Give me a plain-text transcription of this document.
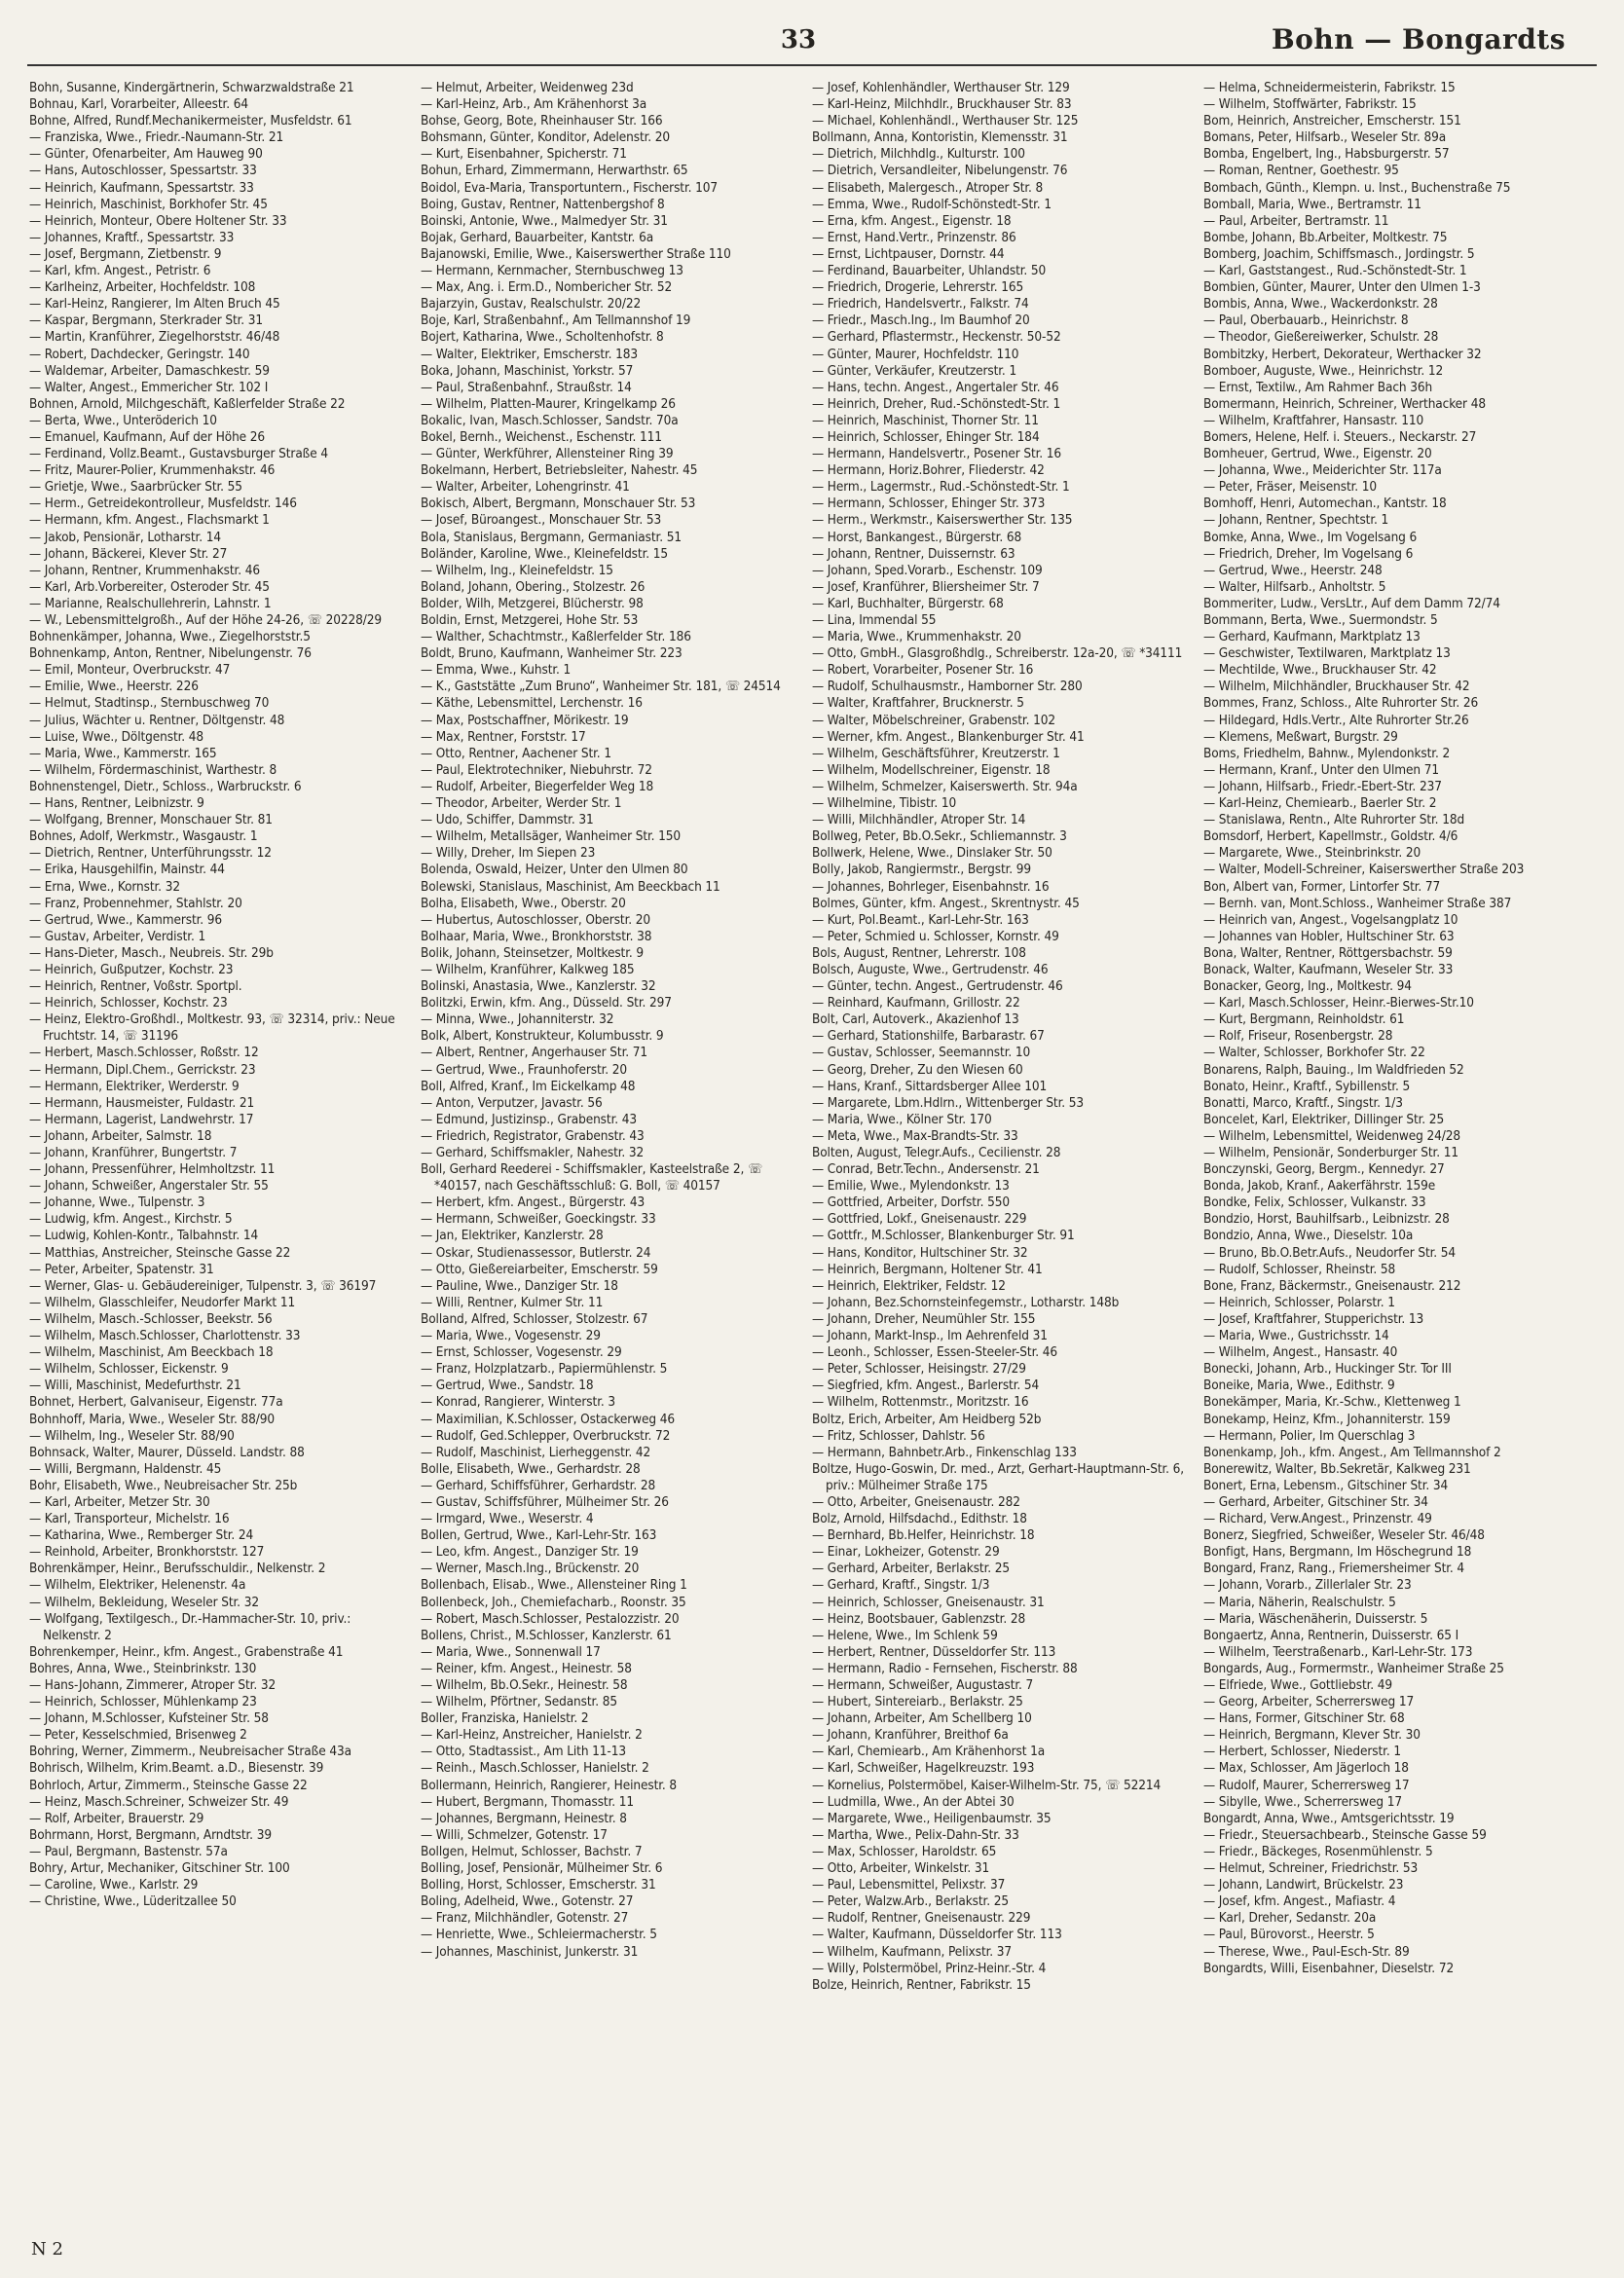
33	Bohn — Bongardts
Bohn, Susanne, Kindergärtnerin, Schwarzwaldstraße 21
Bohnau, Karl, Vorarbeiter, Alleestr. 64
Bohne, Alfred, Rundf.Mechanikermeister, Musfeldstr. 61
— Franziska, Wwe., Friedr.-Naumann-Str. 21
— Günter, Ofenarbeiter, Am Hauweg 90
— Hans, Autoschlosser, Spessartstr. 33
— Heinrich, Kaufmann, Spessartstr. 33
— Heinrich, Maschinist, Borkhofer Str. 45
— Heinrich, Monteur, Obere Holtener Str. 33
— Johannes, Kraftf., Spessartstr. 33
— Josef, Bergmann, Zietbenstr. 9
— Karl, kfm. Angest., Petristr. 6
— Karlheinz, Arbeiter, Hochfeldstr. 108
— Karl-Heinz, Rangierer, Im Alten Bruch 45
— Kaspar, Bergmann, Sterkrader Str. 31
— Martin, Kranführer, Ziegelhorststr. 46/48
— Robert, Dachdecker, Geringstr. 140
— Waldemar, Arbeiter, Damaschkestr. 59
— Walter, Angest., Emmericher Str. 102 I
Bohnen, Arnold, Milchgeschäft, Kaßlerfelder Straße 22
— Berta, Wwe., Unteröderich 10
— Emanuel, Kaufmann, Auf der Höhe 26
— Ferdinand, Vollz.Beamt., Gustavsburger Straße 4
— Fritz, Maurer-Polier, Krummenhakstr. 46
— Grietje, Wwe., Saarbrücker Str. 55
— Herm., Getreidekontrolleur, Musfeldstr. 146
— Hermann, kfm. Angest., Flachsmarkt 1
— Jakob, Pensionär, Lotharstr. 14
— Johann, Bäckerei, Klever Str. 27
— Johann, Rentner, Krummenhakstr. 46
— Karl, Arb.Vorbereiter, Osteroder Str. 45
— Marianne, Realschullehrerin, Lahnstr. 1
— W., Lebensmittelgroßh., Auf der Höhe 24-26, ☏ 20228/29
Bohnenkämper, Johanna, Wwe., Ziegelhorststr.5
Bohnenkamp, Anton, Rentner, Nibelungenstr. 76
— Emil, Monteur, Overbruckstr. 47
— Emilie, Wwe., Heerstr. 226
— Helmut, Stadtinsp., Sternbuschweg 70
— Julius, Wächter u. Rentner, Döltgenstr. 48
— Luise, Wwe., Döltgenstr. 48
— Maria, Wwe., Kammerstr. 165
— Wilhelm, Fördermaschinist, Warthestr. 8
Bohnenstengel, Dietr., Schloss., Warbruckstr. 6
— Hans, Rentner, Leibnizstr. 9
— Wolfgang, Brenner, Monschauer Str. 81
Bohnes, Adolf, Werkmstr., Wasgaustr. 1
— Dietrich, Rentner, Unterführungsstr. 12
— Erika, Hausgehilfin, Mainstr. 44
— Erna, Wwe., Kornstr. 32
— Franz, Probennehmer, Stahlstr. 20
— Gertrud, Wwe., Kammerstr. 96
— Gustav, Arbeiter, Verdistr. 1
— Hans-Dieter, Masch., Neubreis. Str. 29b
— Heinrich, Gußputzer, Kochstr. 23
— Heinrich, Rentner, Voßstr. Sportpl.
— Heinrich, Schlosser, Kochstr. 23
— Heinz, Elektro-Großhdl., Moltkestr. 93, ☏ 32314, priv.: Neue Fruchtstr. 14, ☏ 31196
— Herbert, Masch.Schlosser, Roßstr. 12
— Hermann, Dipl.Chem., Gerrickstr. 23
— Hermann, Elektriker, Werderstr. 9
— Hermann, Hausmeister, Fuldastr. 21
— Hermann, Lagerist, Landwehrstr. 17
— Johann, Arbeiter, Salmstr. 18
— Johann, Kranführer, Bungertstr. 7
— Johann, Pressenführer, Helmholtzstr. 11
— Johann, Schweißer, Angerstaler Str. 55
— Johanne, Wwe., Tulpenstr. 3
— Ludwig, kfm. Angest., Kirchstr. 5
— Ludwig, Kohlen-Kontr., Talbahnstr. 14
— Matthias, Anstreicher, Steinsche Gasse 22
— Peter, Arbeiter, Spatenstr. 31
— Werner, Glas- u. Gebäudereiniger, Tulpenstr. 3, ☏ 36197
— Wilhelm, Glasschleifer, Neudorfer Markt 11
— Wilhelm, Masch.-Schlosser, Beekstr. 56
— Wilhelm, Masch.Schlosser, Charlottenstr. 33
— Wilhelm, Maschinist, Am Beeckbach 18
— Wilhelm, Schlosser, Eickenstr. 9
— Willi, Maschinist, Medefurthstr. 21
Bohnet, Herbert, Galvaniseur, Eigenstr. 77a
Bohnhoff, Maria, Wwe., Weseler Str. 88/90
— Wilhelm, Ing., Weseler Str. 88/90
Bohnsack, Walter, Maurer, Düsseld. Landstr. 88
— Willi, Bergmann, Haldenstr. 45
Bohr, Elisabeth, Wwe., Neubreisacher Str. 25b
— Karl, Arbeiter, Metzer Str. 30
— Karl, Transporteur, Michelstr. 16
— Katharina, Wwe., Remberger Str. 24
— Reinhold, Arbeiter, Bronkhorststr. 127
Bohrenkämper, Heinr., Berufsschuldir., Nelkenstr. 2
— Wilhelm, Elektriker, Helenenstr. 4a
— Wilhelm, Bekleidung, Weseler Str. 32
— Wolfgang, Textilgesch., Dr.-Hammacher-Str. 10, priv.: Nelkenstr. 2
Bohrenkemper, Heinr., kfm. Angest., Grabenstraße 41
Bohres, Anna, Wwe., Steinbrinkstr. 130
— Hans-Johann, Zimmerer, Atroper Str. 32
— Heinrich, Schlosser, Mühlenkamp 23
— Johann, M.Schlosser, Kufsteiner Str. 58
— Peter, Kesselschmied, Brisenweg 2
Bohring, Werner, Zimmerm., Neubreisacher Straße 43a
Bohrisch, Wilhelm, Krim.Beamt. a.D., Biesenstr. 39
Bohrloch, Artur, Zimmerm., Steinsche Gasse 22
— Heinz, Masch.Schreiner, Schweizer Str. 49
— Rolf, Arbeiter, Brauerstr. 29
Bohrmann, Horst, Bergmann, Arndtstr. 39
— Paul, Bergmann, Bastenstr. 57a
Bohry, Artur, Mechaniker, Gitschiner Str. 100
— Caroline, Wwe., Karlstr. 29
— Christine, Wwe., Lüderitzallee 50
— Helmut, Arbeiter, Weidenweg 23d
— Karl-Heinz, Arb., Am Krähenhorst 3a
Bohse, Georg, Bote, Rheinhauser Str. 166
Bohsmann, Günter, Konditor, Adelenstr. 20
— Kurt, Eisenbahner, Spicherstr. 71
Bohun, Erhard, Zimmermann, Herwarthstr. 65
Boidol, Eva-Maria, Transportuntern., Fischerstr. 107
Boing, Gustav, Rentner, Nattenbergshof 8
Boinski, Antonie, Wwe., Malmedyer Str. 31
Bojak, Gerhard, Bauarbeiter, Kantstr. 6a
Bajanowski, Emilie, Wwe., Kaiserswerther Straße 110
— Hermann, Kernmacher, Sternbuschweg 13
— Max, Ang. i. Erm.D., Nombericher Str. 52
Bajarzyin, Gustav, Realschulstr. 20/22
Boje, Karl, Straßenbahnf., Am Tellmannshof 19
Bojert, Katharina, Wwe., Scholtenhofstr. 8
— Walter, Elektriker, Emscherstr. 183
Boka, Johann, Maschinist, Yorkstr. 57
— Paul, Straßenbahnf., Straußstr. 14
— Wilhelm, Platten-Maurer, Kringelkamp 26
Bokalic, Ivan, Masch.Schlosser, Sandstr. 70a
Bokel, Bernh., Weichenst., Eschenstr. 111
— Günter, Werkführer, Allensteiner Ring 39
Bokelmann, Herbert, Betriebsleiter, Nahestr. 45
— Walter, Arbeiter, Lohengrinstr. 41
Bokisch, Albert, Bergmann, Monschauer Str. 53
— Josef, Büroangest., Monschauer Str. 53
Bola, Stanislaus, Bergmann, Germaniastr. 51
Boländer, Karoline, Wwe., Kleinefeldstr. 15
— Wilhelm, Ing., Kleinefeldstr. 15
Boland, Johann, Obering., Stolzestr. 26
Bolder, Wilh, Metzgerei, Blücherstr. 98
Boldin, Ernst, Metzgerei, Hohe Str. 53
— Walther, Schachtmstr., Kaßlerfelder Str. 186
Boldt, Bruno, Kaufmann, Wanheimer Str. 223
— Emma, Wwe., Kuhstr. 1
— K., Gaststätte „Zum Bruno“, Wanheimer Str. 181, ☏ 24514
— Käthe, Lebensmittel, Lerchenstr. 16
— Max, Postschaffner, Mörikestr. 19
— Max, Rentner, Forststr. 17
— Otto, Rentner, Aachener Str. 1
— Paul, Elektrotechniker, Niebuhrstr. 72
— Rudolf, Arbeiter, Biegerfelder Weg 18
— Theodor, Arbeiter, Werder Str. 1
— Udo, Schiffer, Dammstr. 31
— Wilhelm, Metallsäger, Wanheimer Str. 150
— Willy, Dreher, Im Siepen 23
Bolenda, Oswald, Heizer, Unter den Ulmen 80
Bolewski, Stanislaus, Maschinist, Am Beeckbach 11
Bolha, Elisabeth, Wwe., Oberstr. 20
— Hubertus, Autoschlosser, Oberstr. 20
Bolhaar, Maria, Wwe., Bronkhorststr. 38
Bolik, Johann, Steinsetzer, Moltkestr. 9
— Wilhelm, Kranführer, Kalkweg 185
Bolinski, Anastasia, Wwe., Kanzlerstr. 32
Bolitzki, Erwin, kfm. Ang., Düsseld. Str. 297
— Minna, Wwe., Johanniterstr. 32
Bolk, Albert, Konstrukteur, Kolumbusstr. 9
— Albert, Rentner, Angerhauser Str. 71
— Gertrud, Wwe., Fraunhoferstr. 20
Boll, Alfred, Kranf., Im Eickelkamp 48
— Anton, Verputzer, Javastr. 56
— Edmund, Justizinsp., Grabenstr. 43
— Friedrich, Registrator, Grabenstr. 43
— Gerhard, Schiffsmakler, Nahestr. 32
Boll, Gerhard Reederei - Schiffsmakler, Kasteelstraße 2, ☏ *40157, nach Geschäftsschluß: G. Boll, ☏ 40157
— Herbert, kfm. Angest., Bürgerstr. 43
— Hermann, Schweißer, Goeckingstr. 33
— Jan, Elektriker, Kanzlerstr. 28
— Oskar, Studienassessor, Butlerstr. 24
— Otto, Gießereiarbeiter, Emscherstr. 59
— Pauline, Wwe., Danziger Str. 18
— Willi, Rentner, Kulmer Str. 11
Bolland, Alfred, Schlosser, Stolzestr. 67
— Maria, Wwe., Vogesenstr. 29
— Ernst, Schlosser, Vogesenstr. 29
— Franz, Holzplatzarb., Papiermühlenstr. 5
— Gertrud, Wwe., Sandstr. 18
— Konrad, Rangierer, Winterstr. 3
— Maximilian, K.Schlosser, Ostackerweg 46
— Rudolf, Ged.Schlepper, Overbruckstr. 72
— Rudolf, Maschinist, Lierheggenstr. 42
Bolle, Elisabeth, Wwe., Gerhardstr. 28
— Gerhard, Schiffsführer, Gerhardstr. 28
— Gustav, Schiffsführer, Mülheimer Str. 26
— Irmgard, Wwe., Weserstr. 4
Bollen, Gertrud, Wwe., Karl-Lehr-Str. 163
— Leo, kfm. Angest., Danziger Str. 19
— Werner, Masch.Ing., Brückenstr. 20
Bollenbach, Elisab., Wwe., Allensteiner Ring 1
Bollenbeck, Joh., Chemiefacharb., Roonstr. 35
— Robert, Masch.Schlosser, Pestalozzistr. 20
Bollens, Christ., M.Schlosser, Kanzlerstr. 61
— Maria, Wwe., Sonnenwall 17
— Reiner, kfm. Angest., Heinestr. 58
— Wilhelm, Bb.O.Sekr., Heinestr. 58
— Wilhelm, Pförtner, Sedanstr. 85
Boller, Franziska, Hanielstr. 2
— Karl-Heinz, Anstreicher, Hanielstr. 2
— Otto, Stadtassist., Am Lith 11-13
— Reinh., Masch.Schlosser, Hanielstr. 2
Bollermann, Heinrich, Rangierer, Heinestr. 8
— Hubert, Bergmann, Thomasstr. 11
— Johannes, Bergmann, Heinestr. 8
— Willi, Schmelzer, Gotenstr. 17
Bollgen, Helmut, Schlosser, Bachstr. 7
Bolling, Josef, Pensionär, Mülheimer Str. 6
Bolling, Horst, Schlosser, Emscherstr. 31
Boling, Adelheid, Wwe., Gotenstr. 27
— Franz, Milchhändler, Gotenstr. 27
— Henriette, Wwe., Schleiermacherstr. 5
— Johannes, Maschinist, Junkerstr. 31
— Josef, Kohlenhändler, Werthauser Str. 129
— Karl-Heinz, Milchhdlr., Bruckhauser Str. 83
— Michael, Kohlenhändl., Werthauser Str. 125
Bollmann, Anna, Kontoristin, Klemensstr. 31
— Dietrich, Milchhdlg., Kulturstr. 100
— Dietrich, Versandleiter, Nibelungenstr. 76
— Elisabeth, Malergesch., Atroper Str. 8
— Emma, Wwe., Rudolf-Schönstedt-Str. 1
— Erna, kfm. Angest., Eigenstr. 18
— Ernst, Hand.Vertr., Prinzenstr. 86
— Ernst, Lichtpauser, Dornstr. 44
— Ferdinand, Bauarbeiter, Uhlandstr. 50
— Friedrich, Drogerie, Lehrerstr. 165
— Friedrich, Handelsvertr., Falkstr. 74
— Friedr., Masch.Ing., Im Baumhof 20
— Gerhard, Pflastermstr., Heckenstr. 50-52
— Günter, Maurer, Hochfeldstr. 110
— Günter, Verkäufer, Kreutzerstr. 1
— Hans, techn. Angest., Angertaler Str. 46
— Heinrich, Dreher, Rud.-Schönstedt-Str. 1
— Heinrich, Maschinist, Thorner Str. 11
— Heinrich, Schlosser, Ehinger Str. 184
— Hermann, Handelsvertr., Posener Str. 16
— Hermann, Horiz.Bohrer, Fliederstr. 42
— Herm., Lagermstr., Rud.-Schönstedt-Str. 1
— Hermann, Schlosser, Ehinger Str. 373
— Herm., Werkmstr., Kaiserswerther Str. 135
— Horst, Bankangest., Bürgerstr. 68
— Johann, Rentner, Duissernstr. 63
— Johann, Sped.Vorarb., Eschenstr. 109
— Josef, Kranführer, Bliersheimer Str. 7
— Karl, Buchhalter, Bürgerstr. 68
— Lina, Immendal 55
— Maria, Wwe., Krummenhakstr. 20
— Otto, GmbH., Glasgroßhdlg., Schreiberstr. 12a-20, ☏ *34111
— Robert, Vorarbeiter, Posener Str. 16
— Rudolf, Schulhausmstr., Hamborner Str. 280
— Walter, Kraftfahrer, Brucknerstr. 5
— Walter, Möbelschreiner, Grabenstr. 102
— Werner, kfm. Angest., Blankenburger Str. 41
— Wilhelm, Geschäftsführer, Kreutzerstr. 1
— Wilhelm, Modellschreiner, Eigenstr. 18
— Wilhelm, Schmelzer, Kaiserswerth. Str. 94a
— Wilhelmine, Tibistr. 10
— Willi, Milchhändler, Atroper Str. 14
Bollweg, Peter, Bb.O.Sekr., Schliemannstr. 3
Bollwerk, Helene, Wwe., Dinslaker Str. 50
Bolly, Jakob, Rangiermstr., Bergstr. 99
— Johannes, Bohrleger, Eisenbahnstr. 16
Bolmes, Günter, kfm. Angest., Skrentnystr. 45
— Kurt, Pol.Beamt., Karl-Lehr-Str. 163
— Peter, Schmied u. Schlosser, Kornstr. 49
Bols, August, Rentner, Lehrerstr. 108
Bolsch, Auguste, Wwe., Gertrudenstr. 46
— Günter, techn. Angest., Gertrudenstr. 46
— Reinhard, Kaufmann, Grillostr. 22
Bolt, Carl, Autoverk., Akazienhof 13
— Gerhard, Stationshilfe, Barbarastr. 67
— Gustav, Schlosser, Seemannstr. 10
— Georg, Dreher, Zu den Wiesen 60
— Hans, Kranf., Sittardsberger Allee 101
— Margarete, Lbm.Hdlrn., Wittenberger Str. 53
— Maria, Wwe., Kölner Str. 170
— Meta, Wwe., Max-Brandts-Str. 33
Bolten, August, Telegr.Aufs., Cecilienstr. 28
— Conrad, Betr.Techn., Andersenstr. 21
— Emilie, Wwe., Mylendonkstr. 13
— Gottfried, Arbeiter, Dorfstr. 550
— Gottfried, Lokf., Gneisenaustr. 229
— Gottfr., M.Schlosser, Blankenburger Str. 91
— Hans, Konditor, Hultschiner Str. 32
— Heinrich, Bergmann, Holtener Str. 41
— Heinrich, Elektriker, Feldstr. 12
— Johann, Bez.Schornsteinfegemstr., Lotharstr. 148b
— Johann, Dreher, Neumühler Str. 155
— Johann, Markt-Insp., Im Aehrenfeld 31
— Leonh., Schlosser, Essen-Steeler-Str. 46
— Peter, Schlosser, Heisingstr. 27/29
— Siegfried, kfm. Angest., Barlerstr. 54
— Wilhelm, Rottenmstr., Moritzstr. 16
Boltz, Erich, Arbeiter, Am Heidberg 52b
— Fritz, Schlosser, Dahlstr. 56
— Hermann, Bahnbetr.Arb., Finkenschlag 133
Boltze, Hugo-Goswin, Dr. med., Arzt, Gerhart-Hauptmann-Str. 6, priv.: Mülheimer Straße 175
— Otto, Arbeiter, Gneisenaustr. 282
Bolz, Arnold, Hilfsdachd., Edithstr. 18
— Bernhard, Bb.Helfer, Heinrichstr. 18
— Einar, Lokheizer, Gotenstr. 29
— Gerhard, Arbeiter, Berlakstr. 25
— Gerhard, Kraftf., Singstr. 1/3
— Heinrich, Schlosser, Gneisenaustr. 31
— Heinz, Bootsbauer, Gablenzstr. 28
— Helene, Wwe., Im Schlenk 59
— Herbert, Rentner, Düsseldorfer Str. 113
— Hermann, Radio - Fernsehen, Fischerstr. 88
— Hermann, Schweißer, Augustastr. 7
— Hubert, Sintereiarb., Berlakstr. 25
— Johann, Arbeiter, Am Schellberg 10
— Johann, Kranführer, Breithof 6a
— Karl, Chemiearb., Am Krähenhorst 1a
— Karl, Schweißer, Hagelkreuzstr. 193
— Kornelius, Polstermöbel, Kaiser-Wilhelm-Str. 75, ☏ 52214
— Ludmilla, Wwe., An der Abtei 30
— Margarete, Wwe., Heiligenbaumstr. 35
— Martha, Wwe., Pelix-Dahn-Str. 33
— Max, Schlosser, Haroldstr. 65
— Otto, Arbeiter, Winkelstr. 31
— Paul, Lebensmittel, Pelixstr. 37
— Peter, Walzw.Arb., Berlakstr. 25
— Rudolf, Rentner, Gneisenaustr. 229
— Walter, Kaufmann, Düsseldorfer Str. 113
— Wilhelm, Kaufmann, Pelixstr. 37
— Willy, Polstermöbel, Prinz-Heinr.-Str. 4
Bolze, Heinrich, Rentner, Fabrikstr. 15
— Helma, Schneidermeisterin, Fabrikstr. 15
— Wilhelm, Stoffwärter, Fabrikstr. 15
Bom, Heinrich, Anstreicher, Emscherstr. 151
Bomans, Peter, Hilfsarb., Weseler Str. 89a
Bomba, Engelbert, Ing., Habsburgerstr. 57
— Roman, Rentner, Goethestr. 95
Bombach, Günth., Klempn. u. Inst., Buchenstraße 75
Bomball, Maria, Wwe., Bertramstr. 11
— Paul, Arbeiter, Bertramstr. 11
Bombe, Johann, Bb.Arbeiter, Moltkestr. 75
Bomberg, Joachim, Schiffsmasch., Jordingstr. 5
— Karl, Gaststangest., Rud.-Schönstedt-Str. 1
Bombien, Günter, Maurer, Unter den Ulmen 1-3
Bombis, Anna, Wwe., Wackerdonkstr. 28
— Paul, Oberbauarb., Heinrichstr. 8
— Theodor, Gießereiwerker, Schulstr. 28
Bombitzky, Herbert, Dekorateur, Werthacker 32
Bomboer, Auguste, Wwe., Heinrichstr. 12
— Ernst, Textilw., Am Rahmer Bach 36h
Bomermann, Heinrich, Schreiner, Werthacker 48
— Wilhelm, Kraftfahrer, Hansastr. 110
Bomers, Helene, Helf. i. Steuers., Neckarstr. 27
Bomheuer, Gertrud, Wwe., Eigenstr. 20
— Johanna, Wwe., Meiderichter Str. 117a
— Peter, Fräser, Meisenstr. 10
Bomhoff, Henri, Automechan., Kantstr. 18
— Johann, Rentner, Spechtstr. 1
Bomke, Anna, Wwe., Im Vogelsang 6
— Friedrich, Dreher, Im Vogelsang 6
— Gertrud, Wwe., Heerstr. 248
— Walter, Hilfsarb., Anholtstr. 5
Bommeriter, Ludw., VersLtr., Auf dem Damm 72/74
Bommann, Berta, Wwe., Suermondstr. 5
— Gerhard, Kaufmann, Marktplatz 13
— Geschwister, Textilwaren, Marktplatz 13
— Mechtilde, Wwe., Bruckhauser Str. 42
— Wilhelm, Milchhändler, Bruckhauser Str. 42
Bommes, Franz, Schloss., Alte Ruhrorter Str. 26
— Hildegard, Hdls.Vertr., Alte Ruhrorter Str.26
— Klemens, Meßwart, Burgstr. 29
Boms, Friedhelm, Bahnw., Mylendonkstr. 2
— Hermann, Kranf., Unter den Ulmen 71
— Johann, Hilfsarb., Friedr.-Ebert-Str. 237
— Karl-Heinz, Chemiearb., Baerler Str. 2
— Stanislawa, Rentn., Alte Ruhrorter Str. 18d
Bomsdorf, Herbert, Kapellmstr., Goldstr. 4/6
— Margarete, Wwe., Steinbrinkstr. 20
— Walter, Modell-Schreiner, Kaiserswerther Straße 203
Bon, Albert van, Former, Lintorfer Str. 77
— Bernh. van, Mont.Schloss., Wanheimer Straße 387
— Heinrich van, Angest., Vogelsangplatz 10
— Johannes van Hobler, Hultschiner Str. 63
Bona, Walter, Rentner, Röttgersbachstr. 59
Bonack, Walter, Kaufmann, Weseler Str. 33
Bonacker, Georg, Ing., Moltkestr. 94
— Karl, Masch.Schlosser, Heinr.-Bierwes-Str.10
— Kurt, Bergmann, Reinholdstr. 61
— Rolf, Friseur, Rosenbergstr. 28
— Walter, Schlosser, Borkhofer Str. 22
Bonarens, Ralph, Bauing., Im Waldfrieden 52
Bonato, Heinr., Kraftf., Sybillenstr. 5
Bonatti, Marco, Kraftf., Singstr. 1/3
Boncelet, Karl, Elektriker, Dillinger Str. 25
— Wilhelm, Lebensmittel, Weidenweg 24/28
— Wilhelm, Pensionär, Sonderburger Str. 11
Bonczynski, Georg, Bergm., Kennedyr. 27
Bonda, Jakob, Kranf., Aakerfährstr. 159e
Bondke, Felix, Schlosser, Vulkanstr. 33
Bondzio, Horst, Bauhilfsarb., Leibnizstr. 28
Bondzio, Anna, Wwe., Dieselstr. 10a
— Bruno, Bb.O.Betr.Aufs., Neudorfer Str. 54
— Rudolf, Schlosser, Rheinstr. 58
Bone, Franz, Bäckermstr., Gneisenaustr. 212
— Heinrich, Schlosser, Polarstr. 1
— Josef, Kraftfahrer, Stupperichstr. 13
— Maria, Wwe., Gustrichsstr. 14
— Wilhelm, Angest., Hansastr. 40
Bonecki, Johann, Arb., Huckinger Str. Tor III
Boneike, Maria, Wwe., Edithstr. 9
Bonekämper, Maria, Kr.-Schw., Klettenweg 1
Bonekamp, Heinz, Kfm., Johanniterstr. 159
— Hermann, Polier, Im Querschlag 3
Bonenkamp, Joh., kfm. Angest., Am Tellmannshof 2
Bonerewitz, Walter, Bb.Sekretär, Kalkweg 231
Bonert, Erna, Lebensm., Gitschiner Str. 34
— Gerhard, Arbeiter, Gitschiner Str. 34
— Richard, Verw.Angest., Prinzenstr. 49
Bonerz, Siegfried, Schweißer, Weseler Str. 46/48
Bonfigt, Hans, Bergmann, Im Höschegrund 18
Bongard, Franz, Rang., Friemersheimer Str. 4
— Johann, Vorarb., Zillerlaler Str. 23
— Maria, Näherin, Realschulstr. 5
— Maria, Wäschenäherin, Duisserstr. 5
Bongaertz, Anna, Rentnerin, Duisserstr. 65 I
— Wilhelm, Teerstraßenarb., Karl-Lehr-Str. 173
Bongards, Aug., Formermstr., Wanheimer Straße 25
— Elfriede, Wwe., Gottliebstr. 49
— Georg, Arbeiter, Scherrersweg 17
— Hans, Former, Gitschiner Str. 68
— Heinrich, Bergmann, Klever Str. 30
— Herbert, Schlosser, Niederstr. 1
— Max, Schlosser, Am Jägerloch 18
— Rudolf, Maurer, Scherrersweg 17
— Sibylle, Wwe., Scherrersweg 17
Bongardt, Anna, Wwe., Amtsgerichtsstr. 19
— Friedr., Steuersachbearb., Steinsche Gasse 59
— Friedr., Bäckeges, Rosenmühlenstr. 5
— Helmut, Schreiner, Friedrichstr. 53
— Johann, Landwirt, Brückelstr. 23
— Josef, kfm. Angest., Mafiastr. 4
— Karl, Dreher, Sedanstr. 20a
— Paul, Bürovorst., Heerstr. 5
— Therese, Wwe., Paul-Esch-Str. 89
Bongardts, Willi, Eisenbahner, Dieselstr. 72
N 2
